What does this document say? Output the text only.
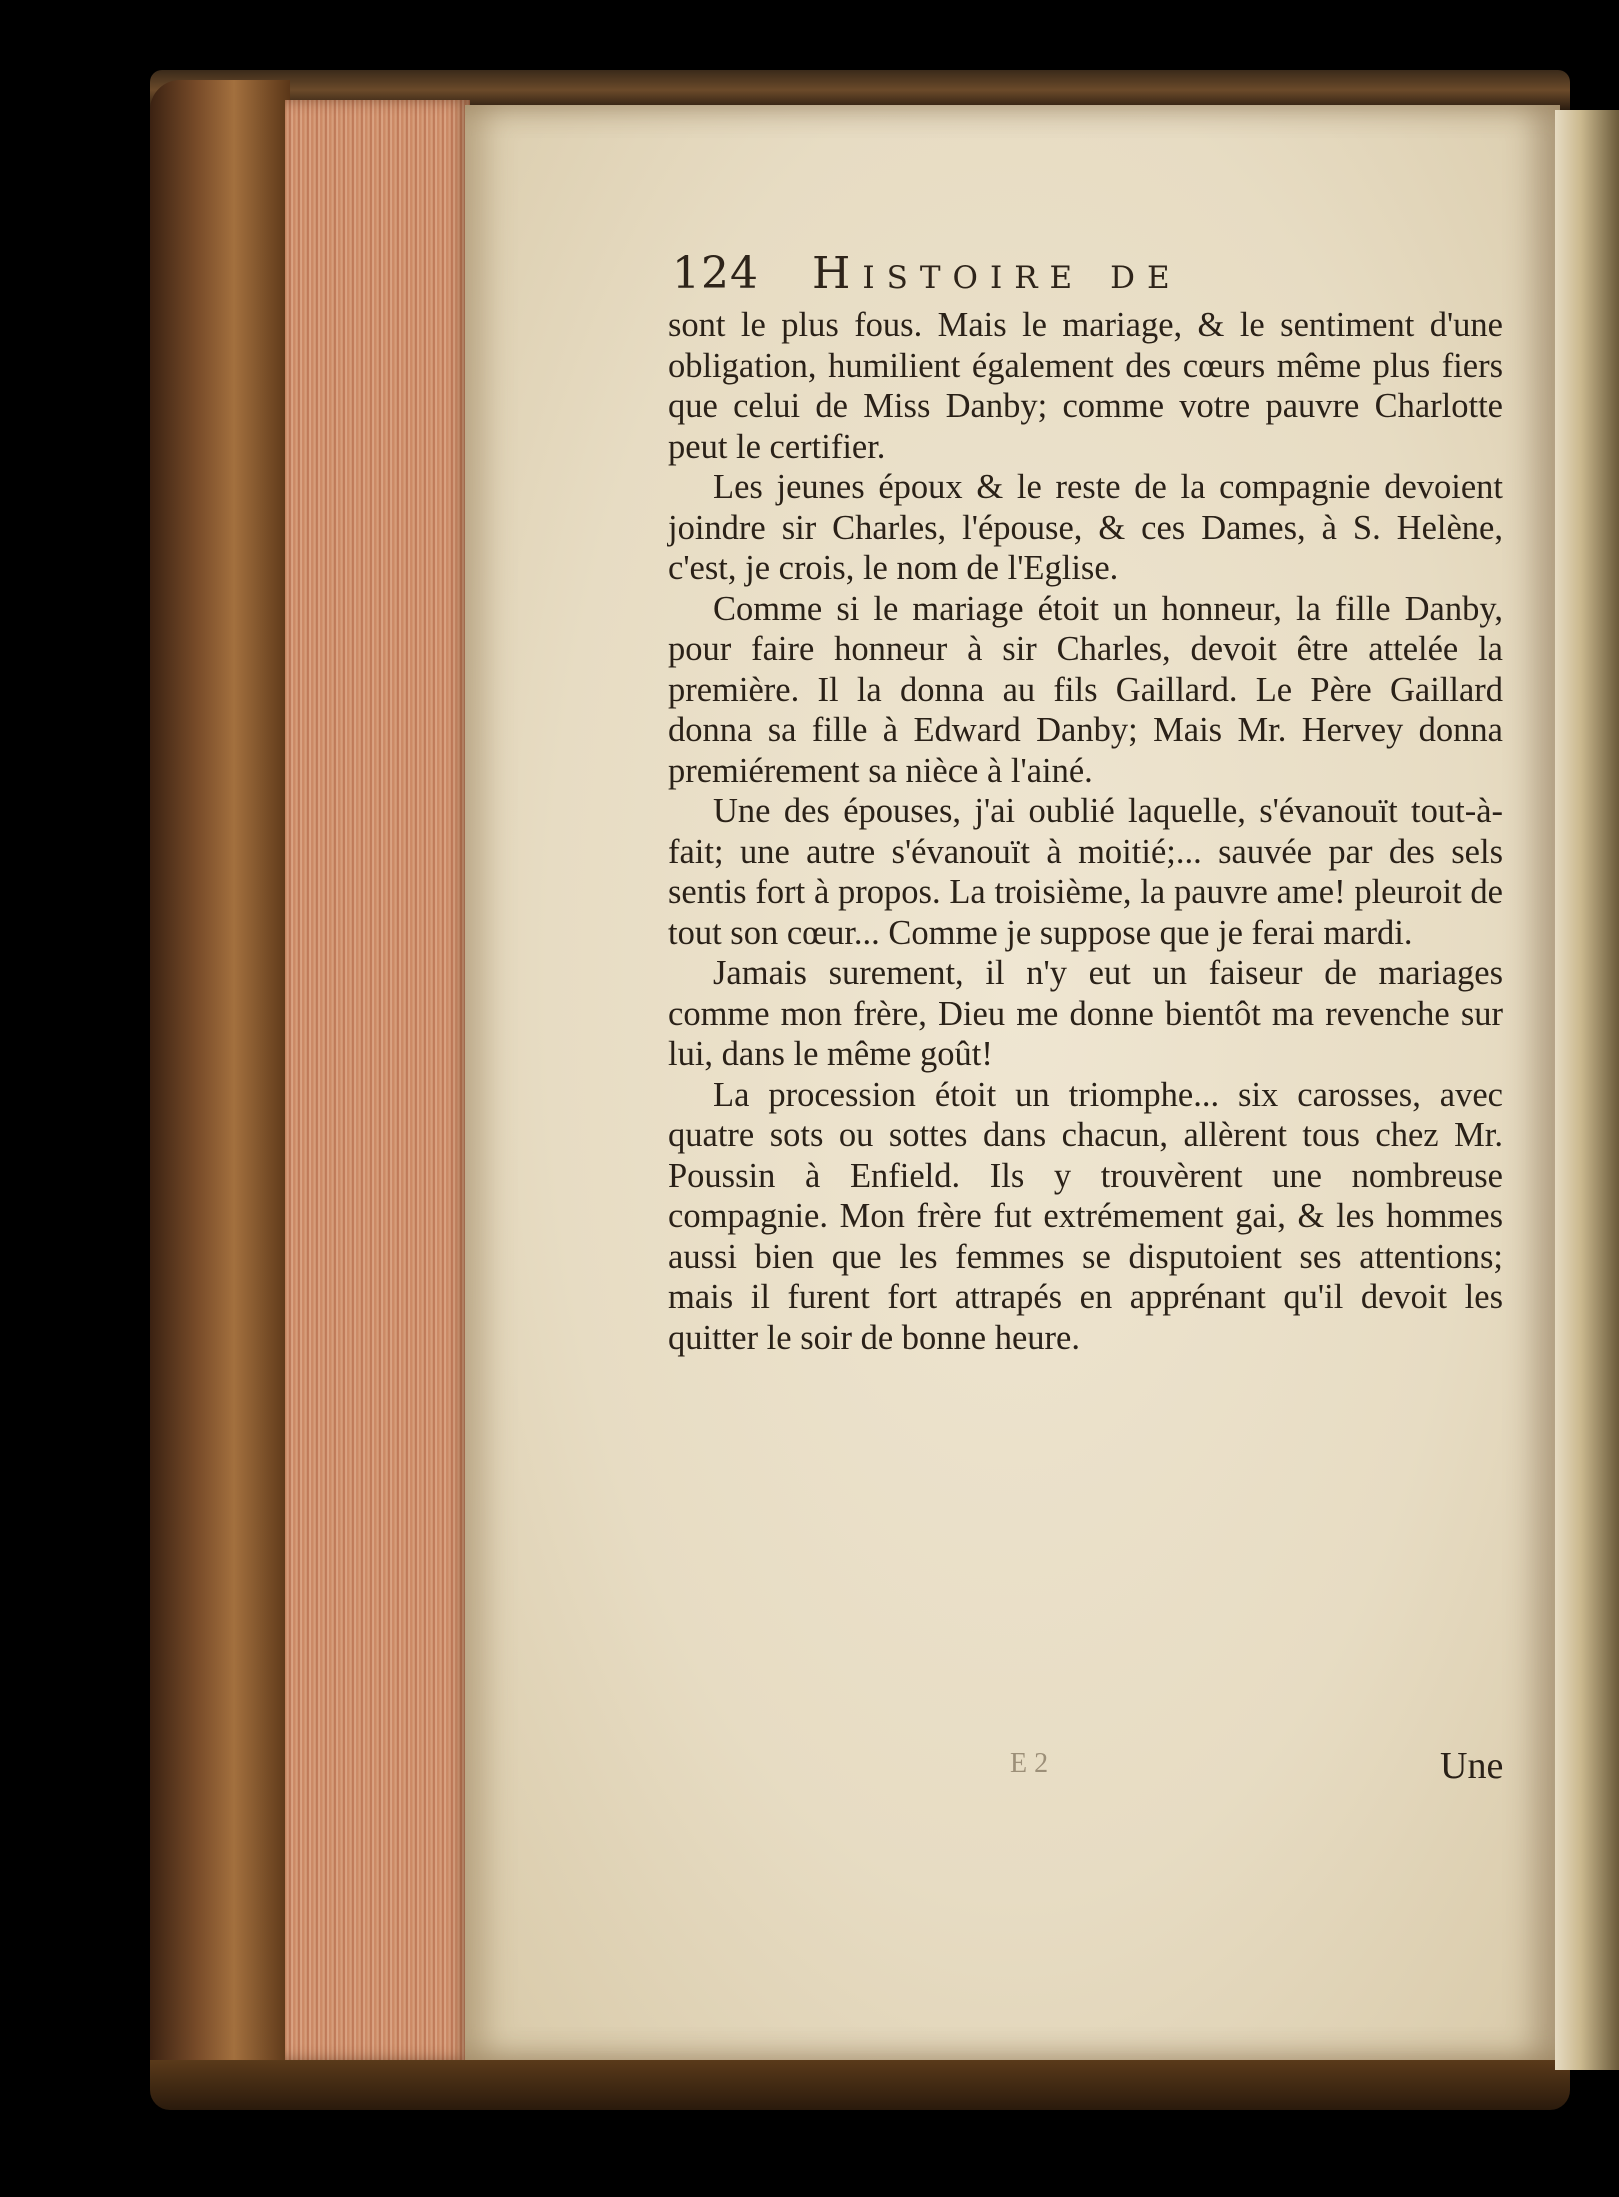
124 Histoire de

sont le plus fous. Mais le mariage, & le sentiment d'une obligation, humilient également des cœurs même plus fiers que celui de Miss Danby; comme votre pauvre Charlotte peut le certifier.

Les jeunes époux & le reste de la compagnie devoient joindre sir Charles, l'épouse, & ces Dames, à S. Helène, c'est, je crois, le nom de l'Eglise.

Comme si le mariage étoit un honneur, la fille Danby, pour faire honneur à sir Charles, devoit être attelée la première. Il la donna au fils Gaillard. Le Père Gaillard donna sa fille à Edward Danby; Mais Mr. Hervey donna premiérement sa nièce à l'ainé.

Une des épouses, j'ai oublié laquelle, s'évanouït tout-à-fait; une autre s'évanouït à moitié;... sauvée par des sels sentis fort à propos. La troisième, la pauvre ame! pleuroit de tout son cœur... Comme je suppose que je ferai mardi.

Jamais surement, il n'y eut un faiseur de mariages comme mon frère, Dieu me donne bientôt ma revenche sur lui, dans le même goût!

La procession étoit un triomphe... six carosses, avec quatre sots ou sottes dans chacun, allèrent tous chez Mr. Poussin à Enfield. Ils y trouvèrent une nombreuse compagnie. Mon frère fut extrémement gai, & les hommes aussi bien que les femmes se disputoient ses attentions; mais il furent fort attrapés en apprénant qu'il devoit les quitter le soir de bonne heure.

E 2	Une
